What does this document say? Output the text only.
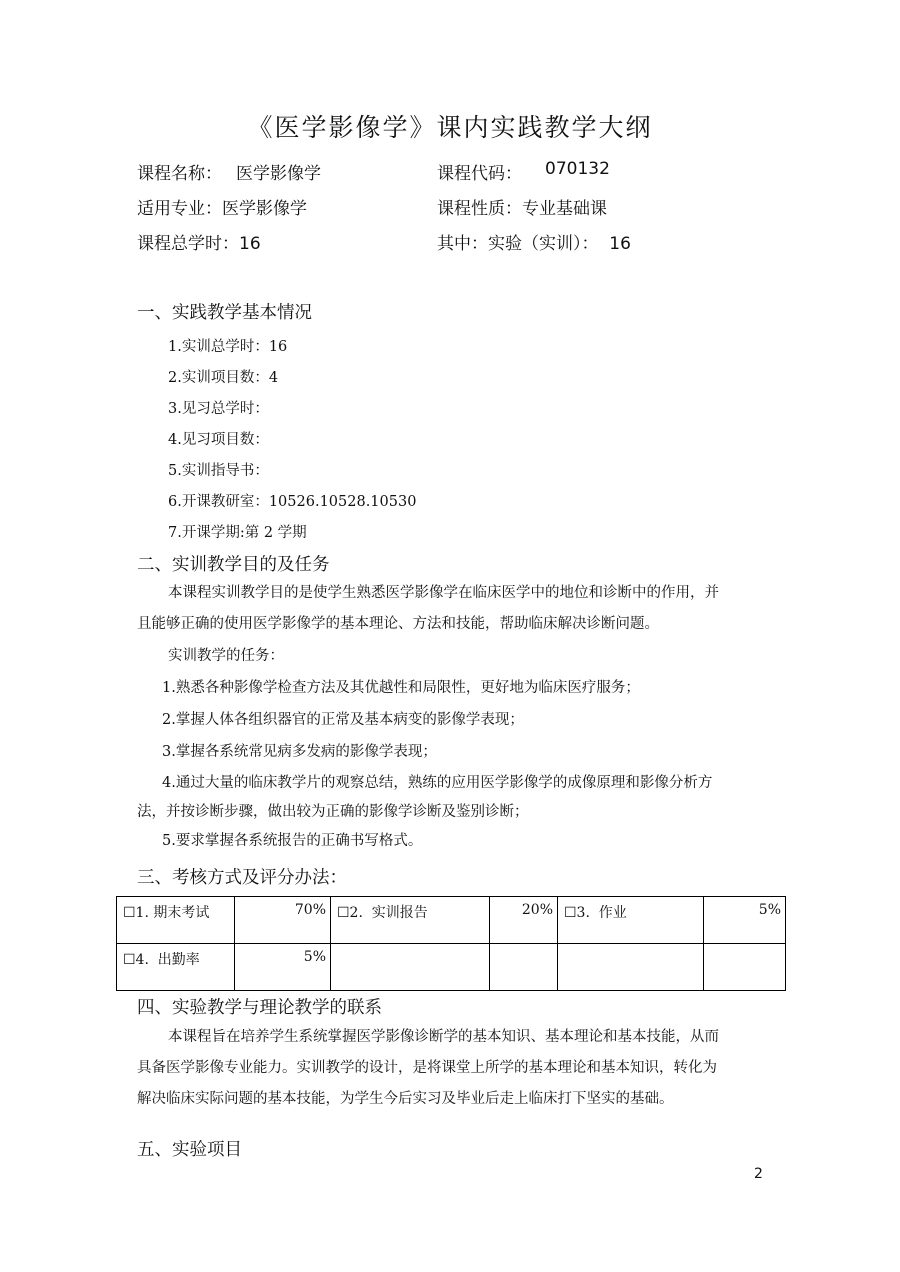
《医学影像学》课内实践教学大纲
课程名称： 医学影像学	课程代码： 070132
适用专业：医学影像学	课程性质：专业基础课
课程总学时：16	其中：实验（实训）：  16
一、实践教学基本情况
1.实训总学时：16
2.实训项目数：4
3.见习总学时：
4.见习项目数：
5.实训指导书：
6.开课教研室：10526.10528.10530
7.开课学期:第 2 学期
二、实训教学目的及任务
本课程实训教学目的是使学生熟悉医学影像学在临床医学中的地位和诊断中的作用，并
且能够正确的使用医学影像学的基本理论、方法和技能，帮助临床解决诊断问题。
实训教学的任务：
1.熟悉各种影像学检查方法及其优越性和局限性，更好地为临床医疗服务；
2.掌握人体各组织器官的正常及基本病变的影像学表现；
3.掌握各系统常见病多发病的影像学表现；
4.通过大量的临床教学片的观察总结，熟练的应用医学影像学的成像原理和影像分析方
法，并按诊断步骤，做出较为正确的影像学诊断及鉴别诊断；
5.要求掌握各系统报告的正确书写格式。
三、考核方式及评分办法：
☐1. 期末考试	70%	☐2.  实训报告	20%	☐3.  作业	5%
☐4.  出勤率	5%				
四、实验教学与理论教学的联系
本课程旨在培养学生系统掌握医学影像诊断学的基本知识、基本理论和基本技能，从而
具备医学影像专业能力。实训教学的设计，是将课堂上所学的基本理论和基本知识，转化为
解决临床实际问题的基本技能，为学生今后实习及毕业后走上临床打下坚实的基础。
五、实验项目
2
